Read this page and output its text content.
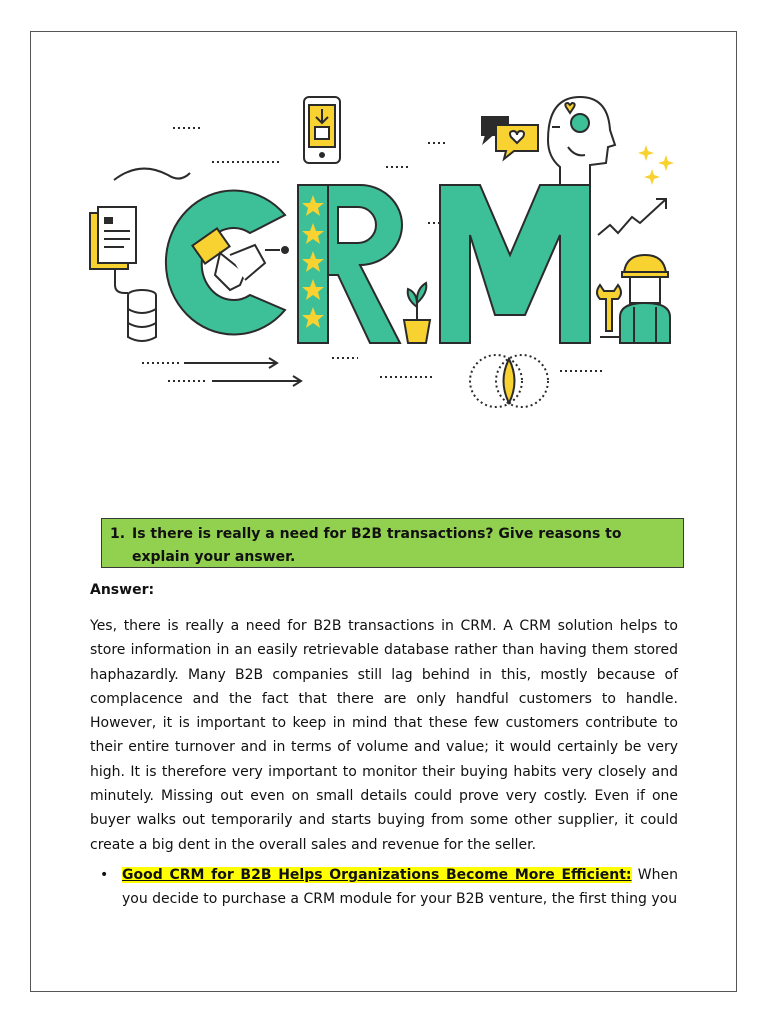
1. Is there is really a need for B2B transactions? Give reasons to explain your answer.

Answer:

Yes, there is really a need for B2B transactions in CRM. A CRM solution helps to store information in an easily retrievable database rather than having them stored haphazardly. Many B2B companies still lag behind in this, mostly because of complacence and the fact that there are only handful customers to handle. However, it is important to keep in mind that these few customers contribute to their entire turnover and in terms of volume and value; it would certainly be very high. It is therefore very important to monitor their buying habits very closely and minutely. Missing out even on small details could prove very costly. Even if one buyer walks out temporarily and starts buying from some other supplier, it could create a big dent in the overall sales and revenue for the seller.

• Good CRM for B2B Helps Organizations Become More Efficient: When you decide to purchase a CRM module for your B2B venture, the first thing you
